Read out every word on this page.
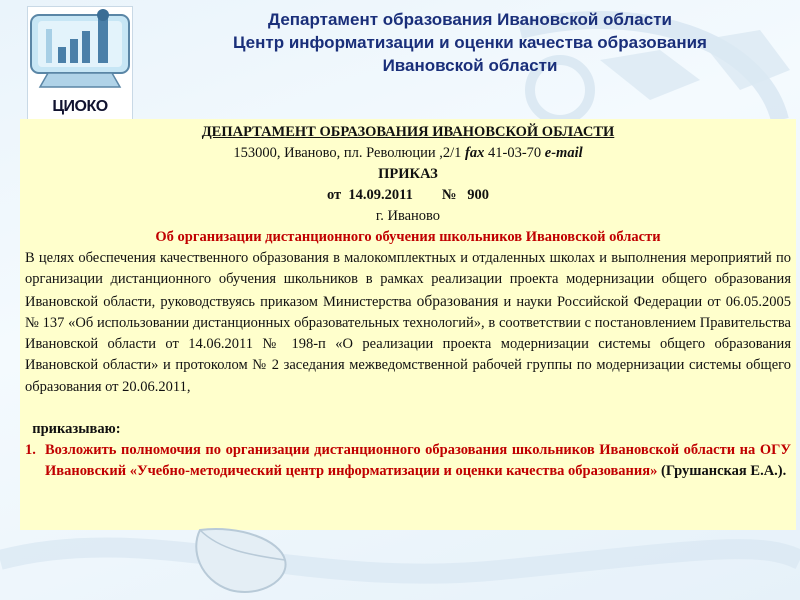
ЦИОКО
Департамент образования Ивановской области
Центр информатизации и оценки качества образования
Ивановской области
ДЕПАРТАМЕНТ ОБРАЗОВАНИЯ ИВАНОВСКОЙ ОБЛАСТИ
153000, Иваново, пл. Революции ,2/1 fax 41-03-70 e-mail
ПРИКАЗ
от  14.09.2011        №   900
г. Иваново
Об организации дистанционного обучения школьников Ивановской области
В целях обеспечения качественного образования в малокомплектных и отдаленных школах и выполнения мероприятий по организации дистанционного обучения школьников в рамках реализации проекта модернизации общего образования Ивановской области, руководствуясь приказом Министерства образования и науки Российской Федерации от 06.05.2005 № 137 «Об использовании дистанционных образовательных технологий», в соответствии с постановлением Правительства Ивановской области от 14.06.2011 № 198-п «О реализации проекта модернизации системы общего образования Ивановской области» и протоколом № 2 заседания межведомственной рабочей группы по модернизации системы общего образования от 20.06.2011,
приказываю:
1. Возложить полномочия по организации дистанционного образования школьников Ивановской области на ОГУ Ивановский «Учебно-методический центр информатизации и оценки качества образования» (Грушанская Е.А.).
